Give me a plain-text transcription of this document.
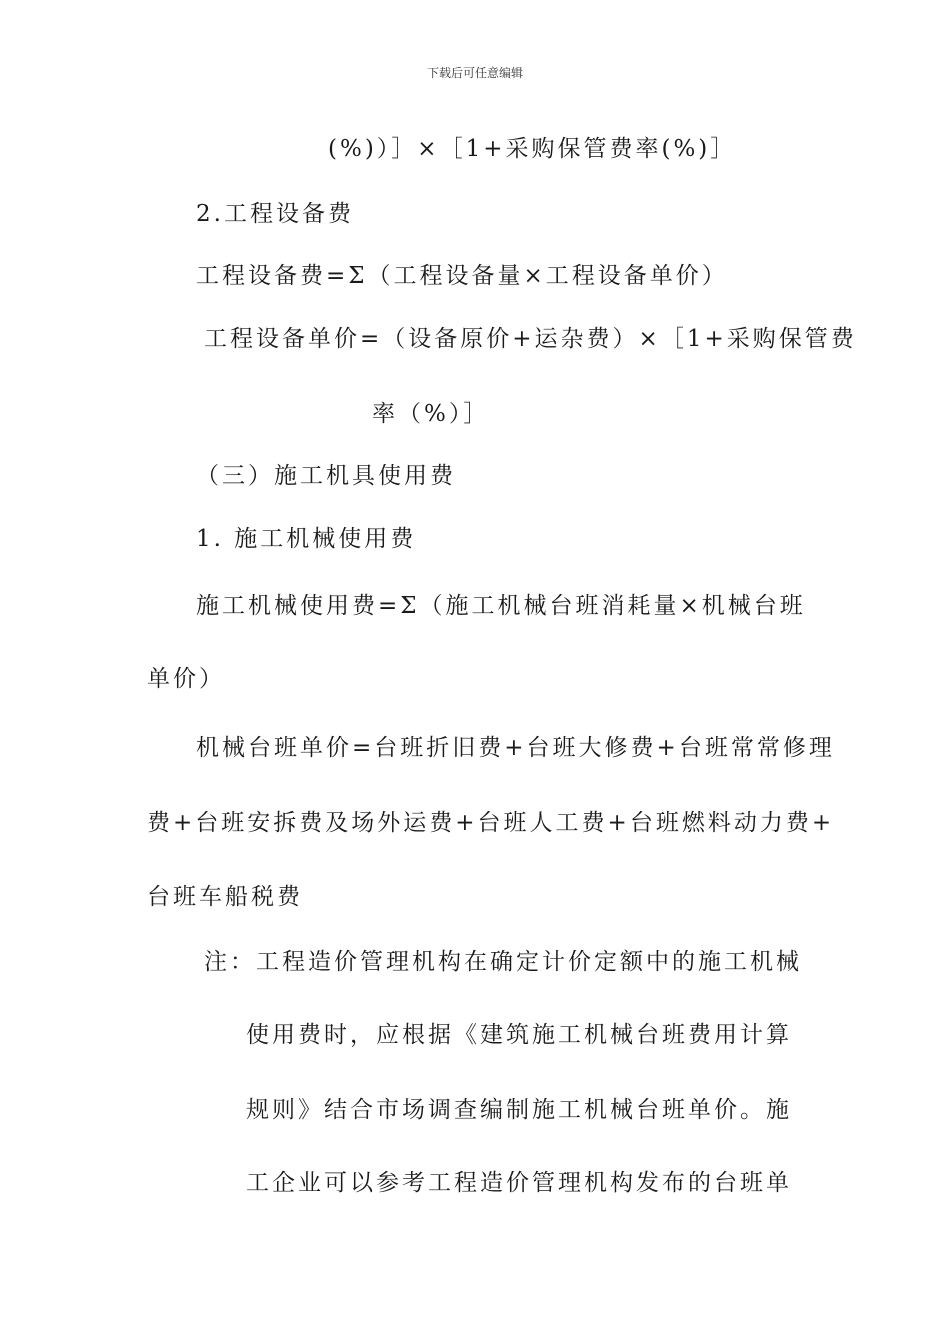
下载后可任意编辑
(%)）］×［1+采购保管费率(%)］
2.工程设备费
工程设备费=Σ（工程设备量×工程设备单价）
工程设备单价=（设备原价+运杂费）×［1+采购保管费
率（%）］
（三）施工机具使用费
1. 施工机械使用费
施工机械使用费=Σ（施工机械台班消耗量×机械台班
单价）
机械台班单价=台班折旧费+台班大修费+台班常常修理
费+台班安拆费及场外运费+台班人工费+台班燃料动力费+
台班车船税费
注：工程造价管理机构在确定计价定额中的施工机械
使用费时，应根据《建筑施工机械台班费用计算
规则》结合市场调查编制施工机械台班单价。施
工企业可以参考工程造价管理机构发布的台班单
